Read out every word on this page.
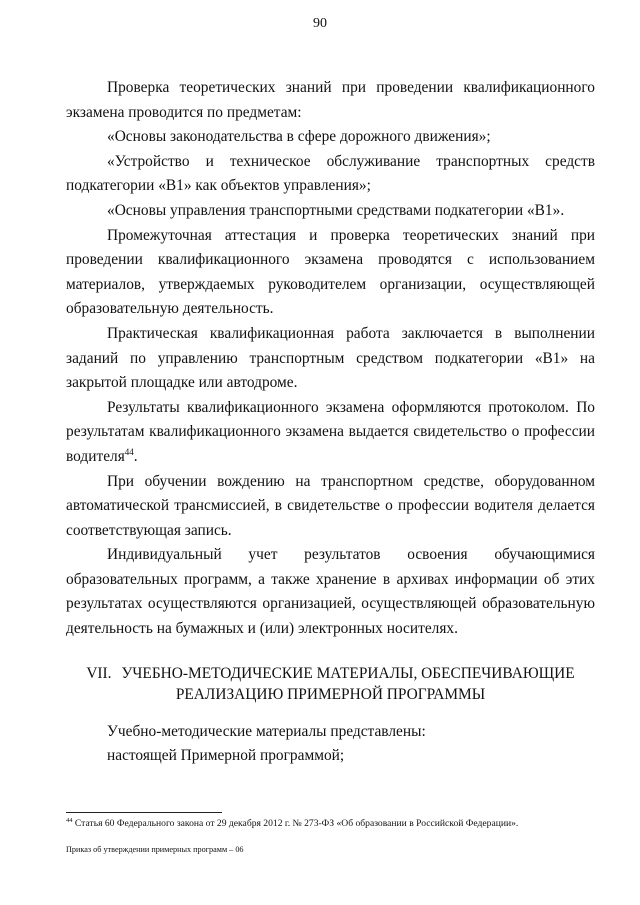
90

Проверка теоретических знаний при проведении квалификационного экзамена проводится по предметам:

«Основы законодательства в сфере дорожного движения»;

«Устройство и техническое обслуживание транспортных средств подкатегории «В1» как объектов управления»;

«Основы управления транспортными средствами подкатегории «В1».

Промежуточная аттестация и проверка теоретических знаний при проведении квалификационного экзамена проводятся с использованием материалов, утверждаемых руководителем организации, осуществляющей образовательную деятельность.

Практическая квалификационная работа заключается в выполнении заданий по управлению транспортным средством подкатегории «В1» на закрытой площадке или автодроме.

Результаты квалификационного экзамена оформляются протоколом. По результатам квалификационного экзамена выдается свидетельство о профессии водителя$^{44}$.

При обучении вождению на транспортном средстве, оборудованном автоматической трансмиссией, в свидетельстве о профессии водителя делается соответствующая запись.

Индивидуальный учет результатов освоения обучающимися образовательных программ, а также хранение в архивах информации об этих результатах осуществляются организацией, осуществляющей образовательную деятельность на бумажных и (или) электронных носителях.

VII. УЧЕБНО-МЕТОДИЧЕСКИЕ МАТЕРИАЛЫ, ОБЕСПЕЧИВАЮЩИЕ
РЕАЛИЗАЦИЮ ПРИМЕРНОЙ ПРОГРАММЫ

Учебно-методические материалы представлены:

настоящей Примерной программой;

$^{44}$ Статья 60 Федерального закона от 29 декабря 2012 г. № 273-ФЗ «Об образовании в Российской Федерации».
Приказ об утверждении примерных программ – 06
